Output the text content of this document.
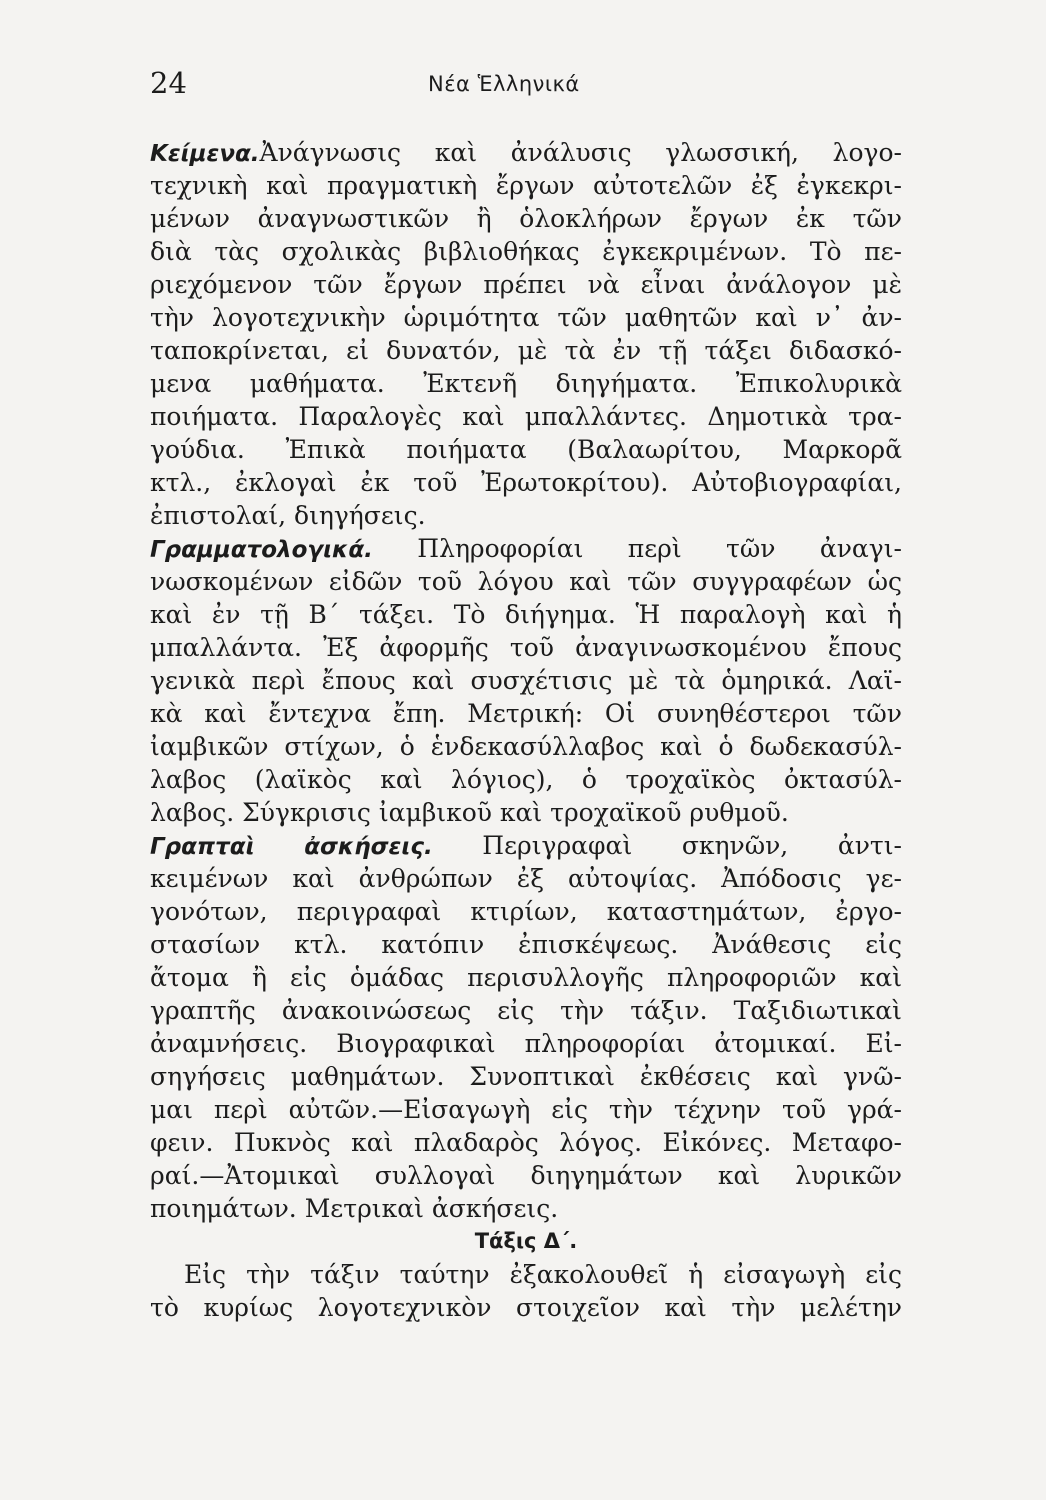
24	Νέα Ἑλληνικά
Κείμενα.Ἀνάγνωσις καὶ ἀνάλυσις γλωσσική, λογο-
τεχνικὴ καὶ πραγματικὴ ἔργων αὐτοτελῶν ἐξ ἐγκεκρι-
μένων ἀναγνωστικῶν ἢ ὁλοκλήρων ἔργων ἐκ τῶν
διὰ τὰς σχολικὰς βιβλιοθήκας ἐγκεκριμένων. Τὸ πε-
ριεχόμενον τῶν ἔργων πρέπει νὰ εἶναι ἀνάλογον μὲ
τὴν λογοτεχνικὴν ὡριμότητα τῶν μαθητῶν καὶ ν᾽ ἀν-
ταποκρίνεται, εἰ δυνατόν, μὲ τὰ ἐν τῇ τάξει διδασκό-
μενα μαθήματα. Ἐκτενῆ διηγήματα. Ἐπικολυρικὰ
ποιήματα. Παραλογὲς καὶ μπαλλάντες. Δημοτικὰ τρα-
γούδια. Ἐπικὰ ποιήματα (Βαλαωρίτου, Μαρκορᾶ
κτλ., ἐκλογαὶ ἐκ τοῦ Ἐρωτοκρίτου). Αὐτοβιογραφίαι,
ἐπιστολαί, διηγήσεις.
Γραμματολογικά. Πληροφορίαι περὶ τῶν ἀναγι-
νωσκομένων εἰδῶν τοῦ λόγου καὶ τῶν συγγραφέων ὡς
καὶ ἐν τῇ Β΄ τάξει. Τὸ διήγημα. Ἡ παραλογὴ καὶ ἡ
μπαλλάντα. Ἐξ ἀφορμῆς τοῦ ἀναγινωσκομένου ἔπους
γενικὰ περὶ ἔπους καὶ συσχέτισις μὲ τὰ ὁμηρικά. Λαϊ-
κὰ καὶ ἔντεχνα ἔπη. Μετρική: Οἱ συνηθέστεροι τῶν
ἰαμβικῶν στίχων, ὁ ἑνδεκασύλλαβος καὶ ὁ δωδεκασύλ-
λαβος (λαϊκὸς καὶ λόγιος), ὁ τροχαϊκὸς ὀκτασύλ-
λαβος. Σύγκρισις ἰαμβικοῦ καὶ τροχαϊκοῦ ρυθμοῦ.
Γραπταὶ ἀσκήσεις. Περιγραφαὶ σκηνῶν, ἀντι-
κειμένων καὶ ἀνθρώπων ἐξ αὐτοψίας. Ἀπόδοσις γε-
γονότων, περιγραφαὶ κτιρίων, καταστημάτων, ἐργο-
στασίων κτλ. κατόπιν ἐπισκέψεως. Ἀνάθεσις εἰς
ἄτομα ἢ εἰς ὁμάδας περισυλλογῆς πληροφοριῶν καὶ
γραπτῆς ἀνακοινώσεως εἰς τὴν τάξιν. Ταξιδιωτικαὶ
ἀναμνήσεις. Βιογραφικαὶ πληροφορίαι ἀτομικαί. Εἰ-
σηγήσεις μαθημάτων. Συνοπτικαὶ ἐκθέσεις καὶ γνῶ-
μαι περὶ αὐτῶν.—Εἰσαγωγὴ εἰς τὴν τέχνην τοῦ γρά-
φειν. Πυκνὸς καὶ πλαδαρὸς λόγος. Εἰκόνες. Μεταφο-
ραί.—Ἀτομικαὶ συλλογαὶ διηγημάτων καὶ λυρικῶν
ποιημάτων. Μετρικαὶ ἀσκήσεις.
Τάξις Δ΄.
Εἰς τὴν τάξιν ταύτην ἐξακολουθεῖ ἡ εἰσαγωγὴ εἰς
τὸ κυρίως λογοτεχνικὸν στοιχεῖον καὶ τὴν μελέτην
